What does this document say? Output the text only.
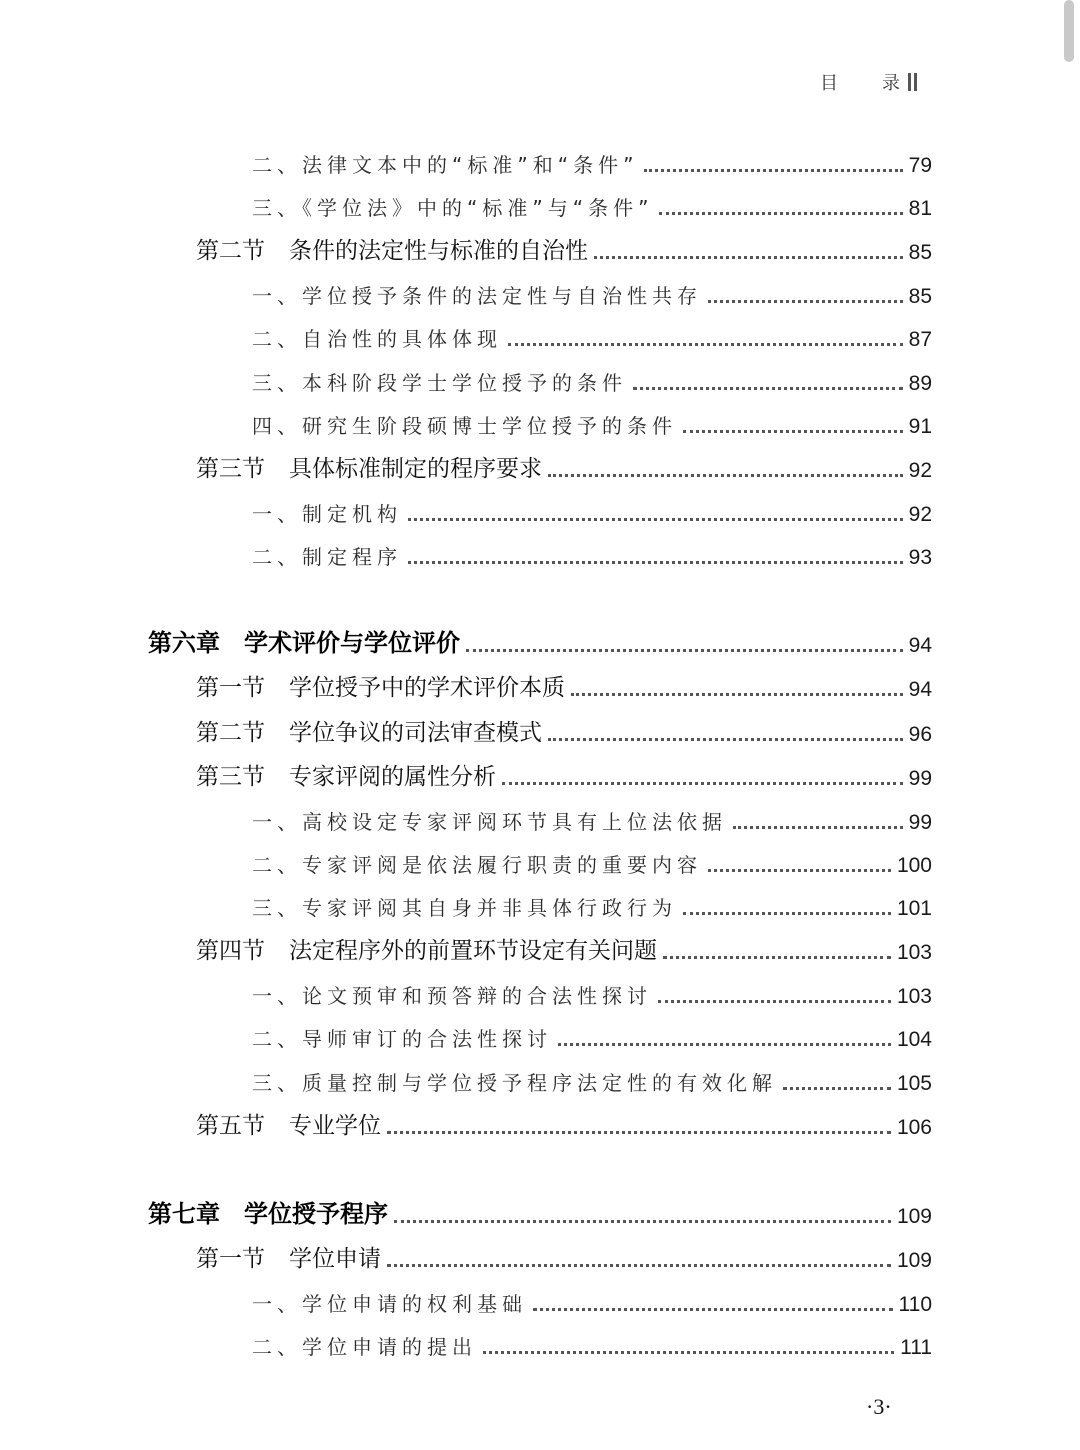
目 录
二、法律文本中的“标准”和“条件”	79
三、《学位法》中的“标准”与“条件”	81
第二节 条件的法定性与标准的自治性	85
一、学位授予条件的法定性与自治性共存	85
二、自治性的具体体现	87
三、本科阶段学士学位授予的条件	89
四、研究生阶段硕博士学位授予的条件	91
第三节 具体标准制定的程序要求	92
一、制定机构	92
二、制定程序	93
第六章 学术评价与学位评价	94
第一节 学位授予中的学术评价本质	94
第二节 学位争议的司法审查模式	96
第三节 专家评阅的属性分析	99
一、高校设定专家评阅环节具有上位法依据	99
二、专家评阅是依法履行职责的重要内容	100
三、专家评阅其自身并非具体行政行为	101
第四节 法定程序外的前置环节设定有关问题	103
一、论文预审和预答辩的合法性探讨	103
二、导师审订的合法性探讨	104
三、质量控制与学位授予程序法定性的有效化解	105
第五节 专业学位	106
第七章 学位授予程序	109
第一节 学位申请	109
一、学位申请的权利基础	110
二、学位申请的提出	111
·3·
